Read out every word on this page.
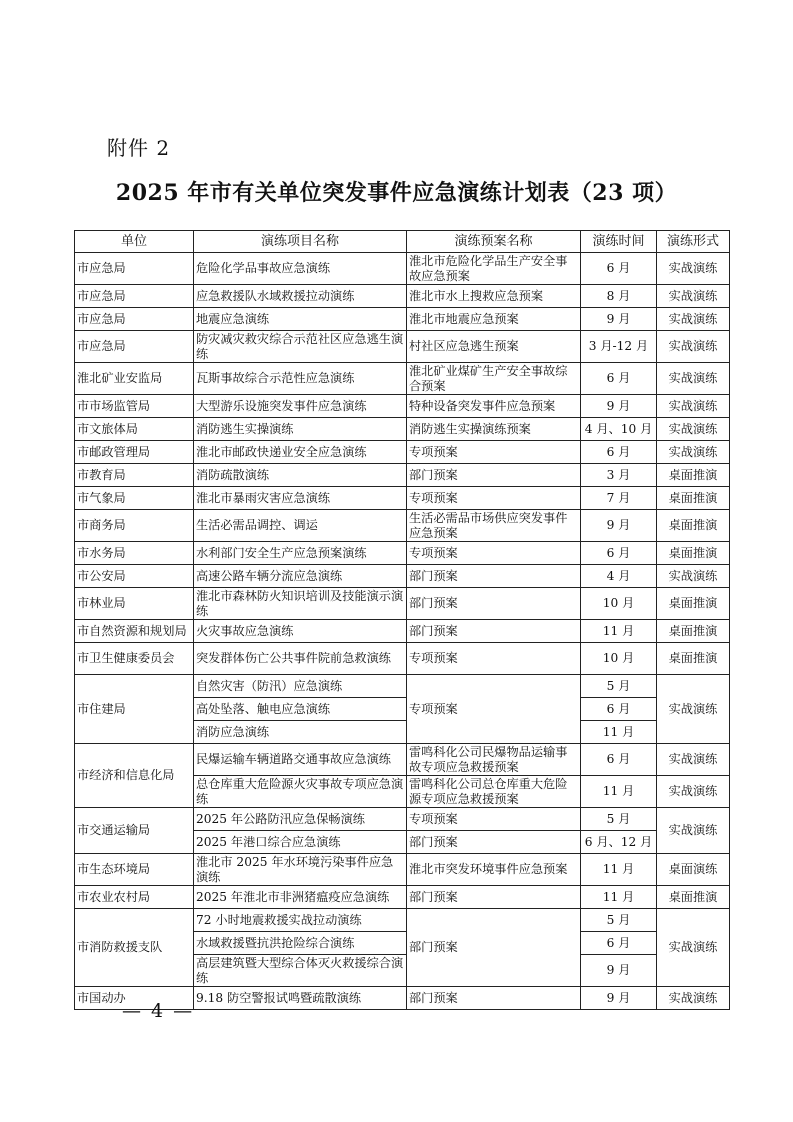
附件 2
2025 年市有关单位突发事件应急演练计划表（23 项）
单位	演练项目名称	演练预案名称	演练时间	演练形式
市应急局	危险化学品事故应急演练	淮北市危险化学品生产安全事故应急预案	6 月	实战演练
市应急局	应急救援队水域救援拉动演练	淮北市水上搜救应急预案	8 月	实战演练
市应急局	地震应急演练	淮北市地震应急预案	9 月	实战演练
市应急局	防灾减灾救灾综合示范社区应急逃生演练	村社区应急逃生预案	3 月-12 月	实战演练
淮北矿业安监局	瓦斯事故综合示范性应急演练	淮北矿业煤矿生产安全事故综合预案	6 月	实战演练
市市场监管局	大型游乐设施突发事件应急演练	特种设备突发事件应急预案	9 月	实战演练
市文旅体局	消防逃生实操演练	消防逃生实操演练预案	4 月、10 月	实战演练
市邮政管理局	淮北市邮政快递业安全应急演练	专项预案	6 月	实战演练
市教育局	消防疏散演练	部门预案	3 月	桌面推演
市气象局	淮北市暴雨灾害应急演练	专项预案	7 月	桌面推演
市商务局	生活必需品调控、调运	生活必需品市场供应突发事件应急预案	9 月	桌面推演
市水务局	水利部门安全生产应急预案演练	专项预案	6 月	桌面推演
市公安局	高速公路车辆分流应急演练	部门预案	4 月	实战演练
市林业局	淮北市森林防火知识培训及技能演示演练	部门预案	10 月	桌面推演
市自然资源和规划局	火灾事故应急演练	部门预案	11 月	桌面推演
市卫生健康委员会	突发群体伤亡公共事件院前急救演练	专项预案	10 月	桌面推演
市住建局	自然灾害（防汛）应急演练	专项预案	5 月	实战演练
	高处坠落、触电应急演练		6 月	
	消防应急演练		11 月	
市经济和信息化局	民爆运输车辆道路交通事故应急演练	雷鸣科化公司民爆物品运输事故专项应急救援预案	6 月	实战演练
	总仓库重大危险源火灾事故专项应急演练	雷鸣科化公司总仓库重大危险源专项应急救援预案	11 月	实战演练
市交通运输局	2025 年公路防汛应急保畅演练	专项预案	5 月	实战演练
	2025 年港口综合应急演练	部门预案	6 月、12 月	
市生态环境局	淮北市 2025 年水环境污染事件应急演练	淮北市突发环境事件应急预案	11 月	桌面演练
市农业农村局	2025 年淮北市非洲猪瘟疫应急演练	部门预案	11 月	桌面推演
市消防救援支队	72 小时地震救援实战拉动演练	部门预案	5 月	实战演练
	水域救援暨抗洪抢险综合演练		6 月	
	高层建筑暨大型综合体灭火救援综合演练		9 月	
市国动办	9.18 防空警报试鸣暨疏散演练	部门预案	9 月	实战演练
— 4 —
